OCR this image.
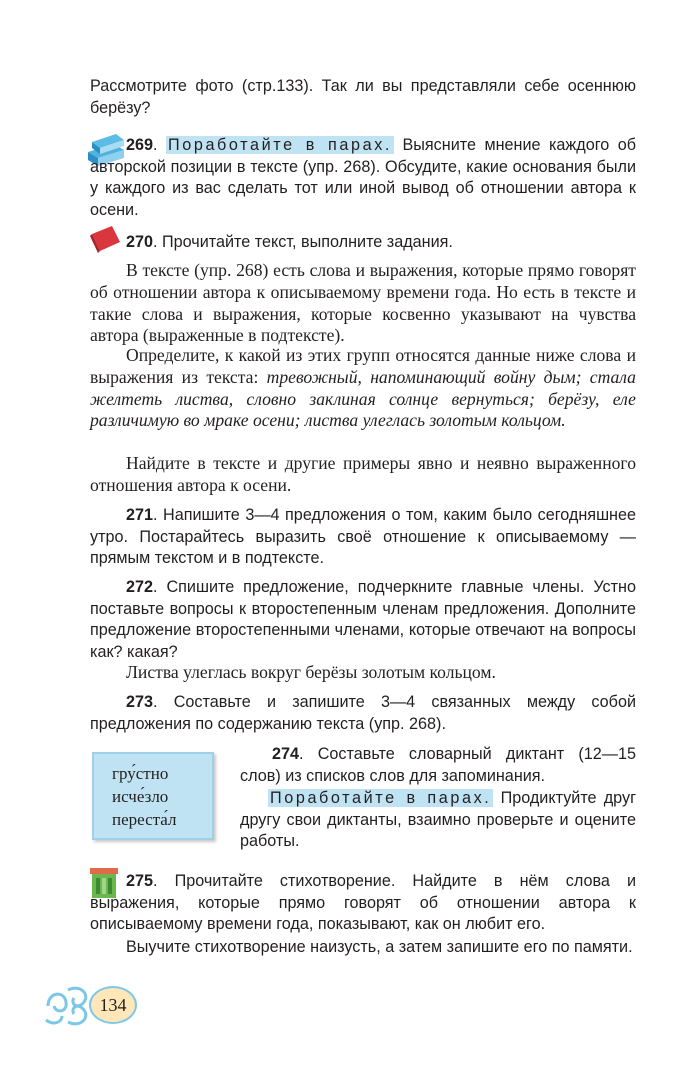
Рассмотрите фото (стр.133). Так ли вы представляли себе осеннюю берёзу?
269. Поработайте в парах. Выясните мнение каждого об авторской позиции в тексте (упр. 268). Обсудите, какие основания были у каждого из вас сделать тот или иной вывод об отношении автора к осени.
270. Прочитайте текст, выполните задания.
В тексте (упр. 268) есть слова и выражения, которые прямо говорят об отношении автора к описываемому времени года. Но есть в тексте и такие слова и выражения, которые косвенно указывают на чувства автора (выраженные в подтексте).
Определите, к какой из этих групп относятся данные ниже слова и выражения из текста: тревожный, напоминающий войну дым; стала желтеть листва, словно заклиная солнце вернуться; берёзу, еле различимую во мраке осени; листва улеглась золотым кольцом.
Найдите в тексте и другие примеры явно и неявно выраженного отношения автора к осени.
271. Напишите 3—4 предложения о том, каким было сегодняшнее утро. Постарайтесь выразить своё отношение к описываемому — прямым текстом и в подтексте.
272. Спишите предложение, подчеркните главные члены. Устно поставьте вопросы к второстепенным членам предложения. Дополните предложение второстепенными членами, которые отвечают на вопросы как? какая?
Листва улеглась вокруг берёзы золотым кольцом.
273. Составьте и запишите 3—4 связанных между собой предложения по содержанию текста (упр. 268).
гру́стно
исче́зло
переста́л
274. Составьте словарный диктант (12—15 слов) из списков слов для запоминания.
Поработайте в парах. Продиктуйте друг другу свои диктанты, взаимно проверьте и оцените работы.
275. Прочитайте стихотворение. Найдите в нём слова и выражения, которые прямо говорят об отношении автора к описываемому времени года, показывают, как он любит его.
Выучите стихотворение наизусть, а затем запишите его по памяти.
134
